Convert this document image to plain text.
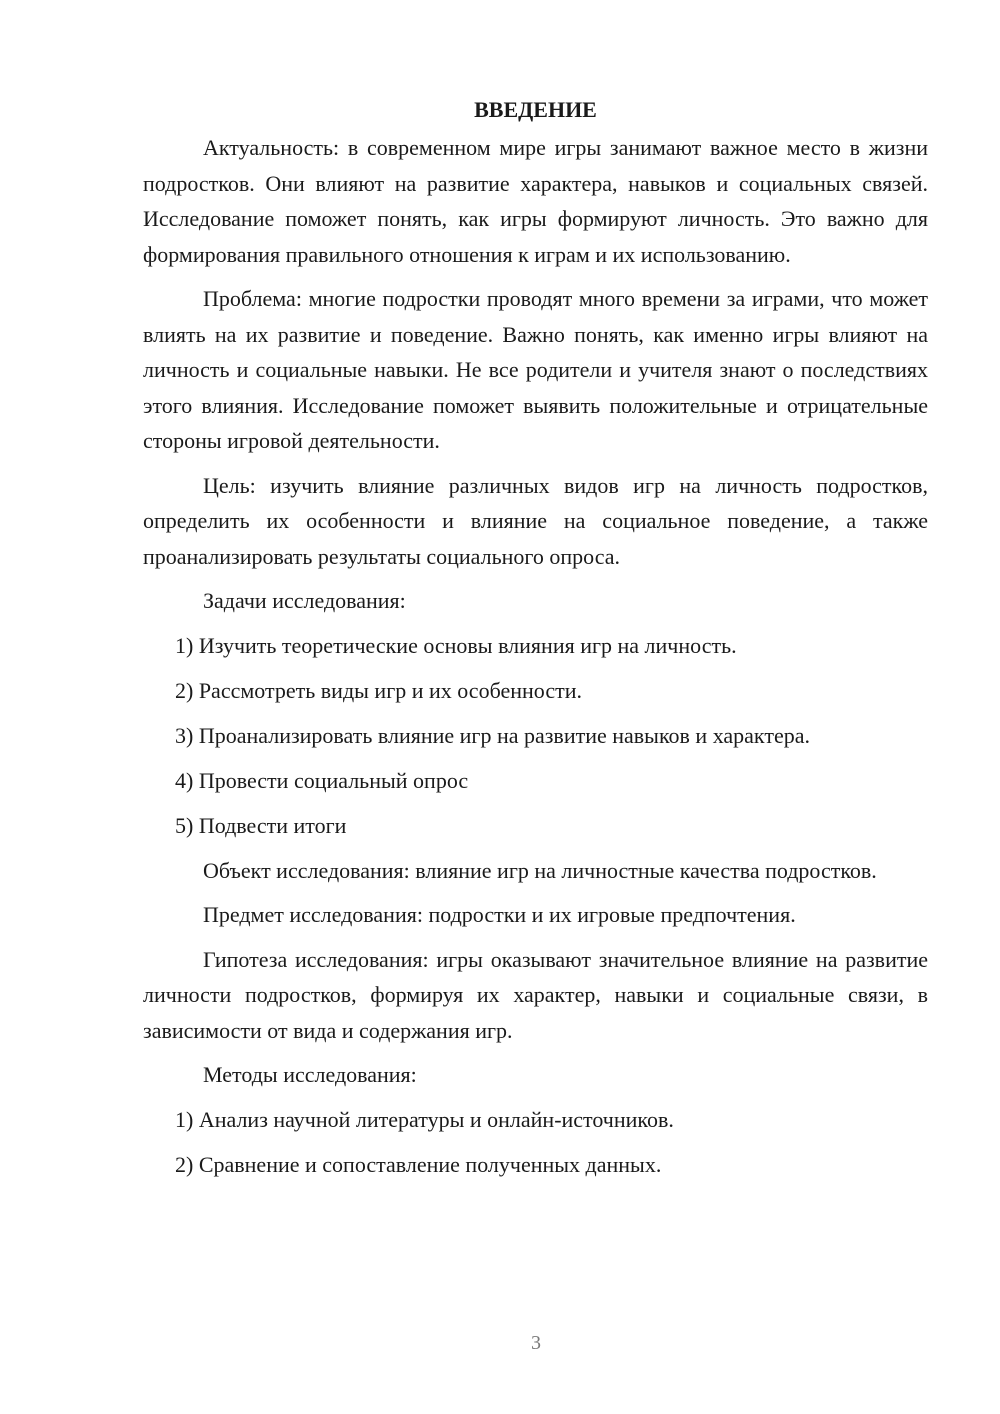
ВВЕДЕНИЕ

Актуальность: в современном мире игры занимают важное место в жизни подростков. Они влияют на развитие характера, навыков и социальных связей. Исследование поможет понять, как игры формируют личность. Это важно для формирования правильного отношения к играм и их использованию.

Проблема: многие подростки проводят много времени за играми, что может влиять на их развитие и поведение. Важно понять, как именно игры влияют на личность и социальные навыки. Не все родители и учителя знают о последствиях этого влияния. Исследование поможет выявить положительные и отрицательные стороны игровой деятельности.

Цель: изучить влияние различных видов игр на личность подростков, определить их особенности и влияние на социальное поведение, а также проанализировать результаты социального опроса.

Задачи исследования:

1) Изучить теоретические основы влияния игр на личность.
2) Рассмотреть виды игр и их особенности.
3) Проанализировать влияние игр на развитие навыков и характера.
4) Провести социальный опрос
5) Подвести итоги

Объект исследования: влияние игр на личностные качества подростков.

Предмет исследования: подростки и их игровые предпочтения.

Гипотеза исследования: игры оказывают значительное влияние на развитие личности подростков, формируя их характер, навыки и социальные связи, в зависимости от вида и содержания игр.

Методы исследования:

1) Анализ научной литературы и онлайн-источников.
2) Сравнение и сопоставление полученных данных.
3
